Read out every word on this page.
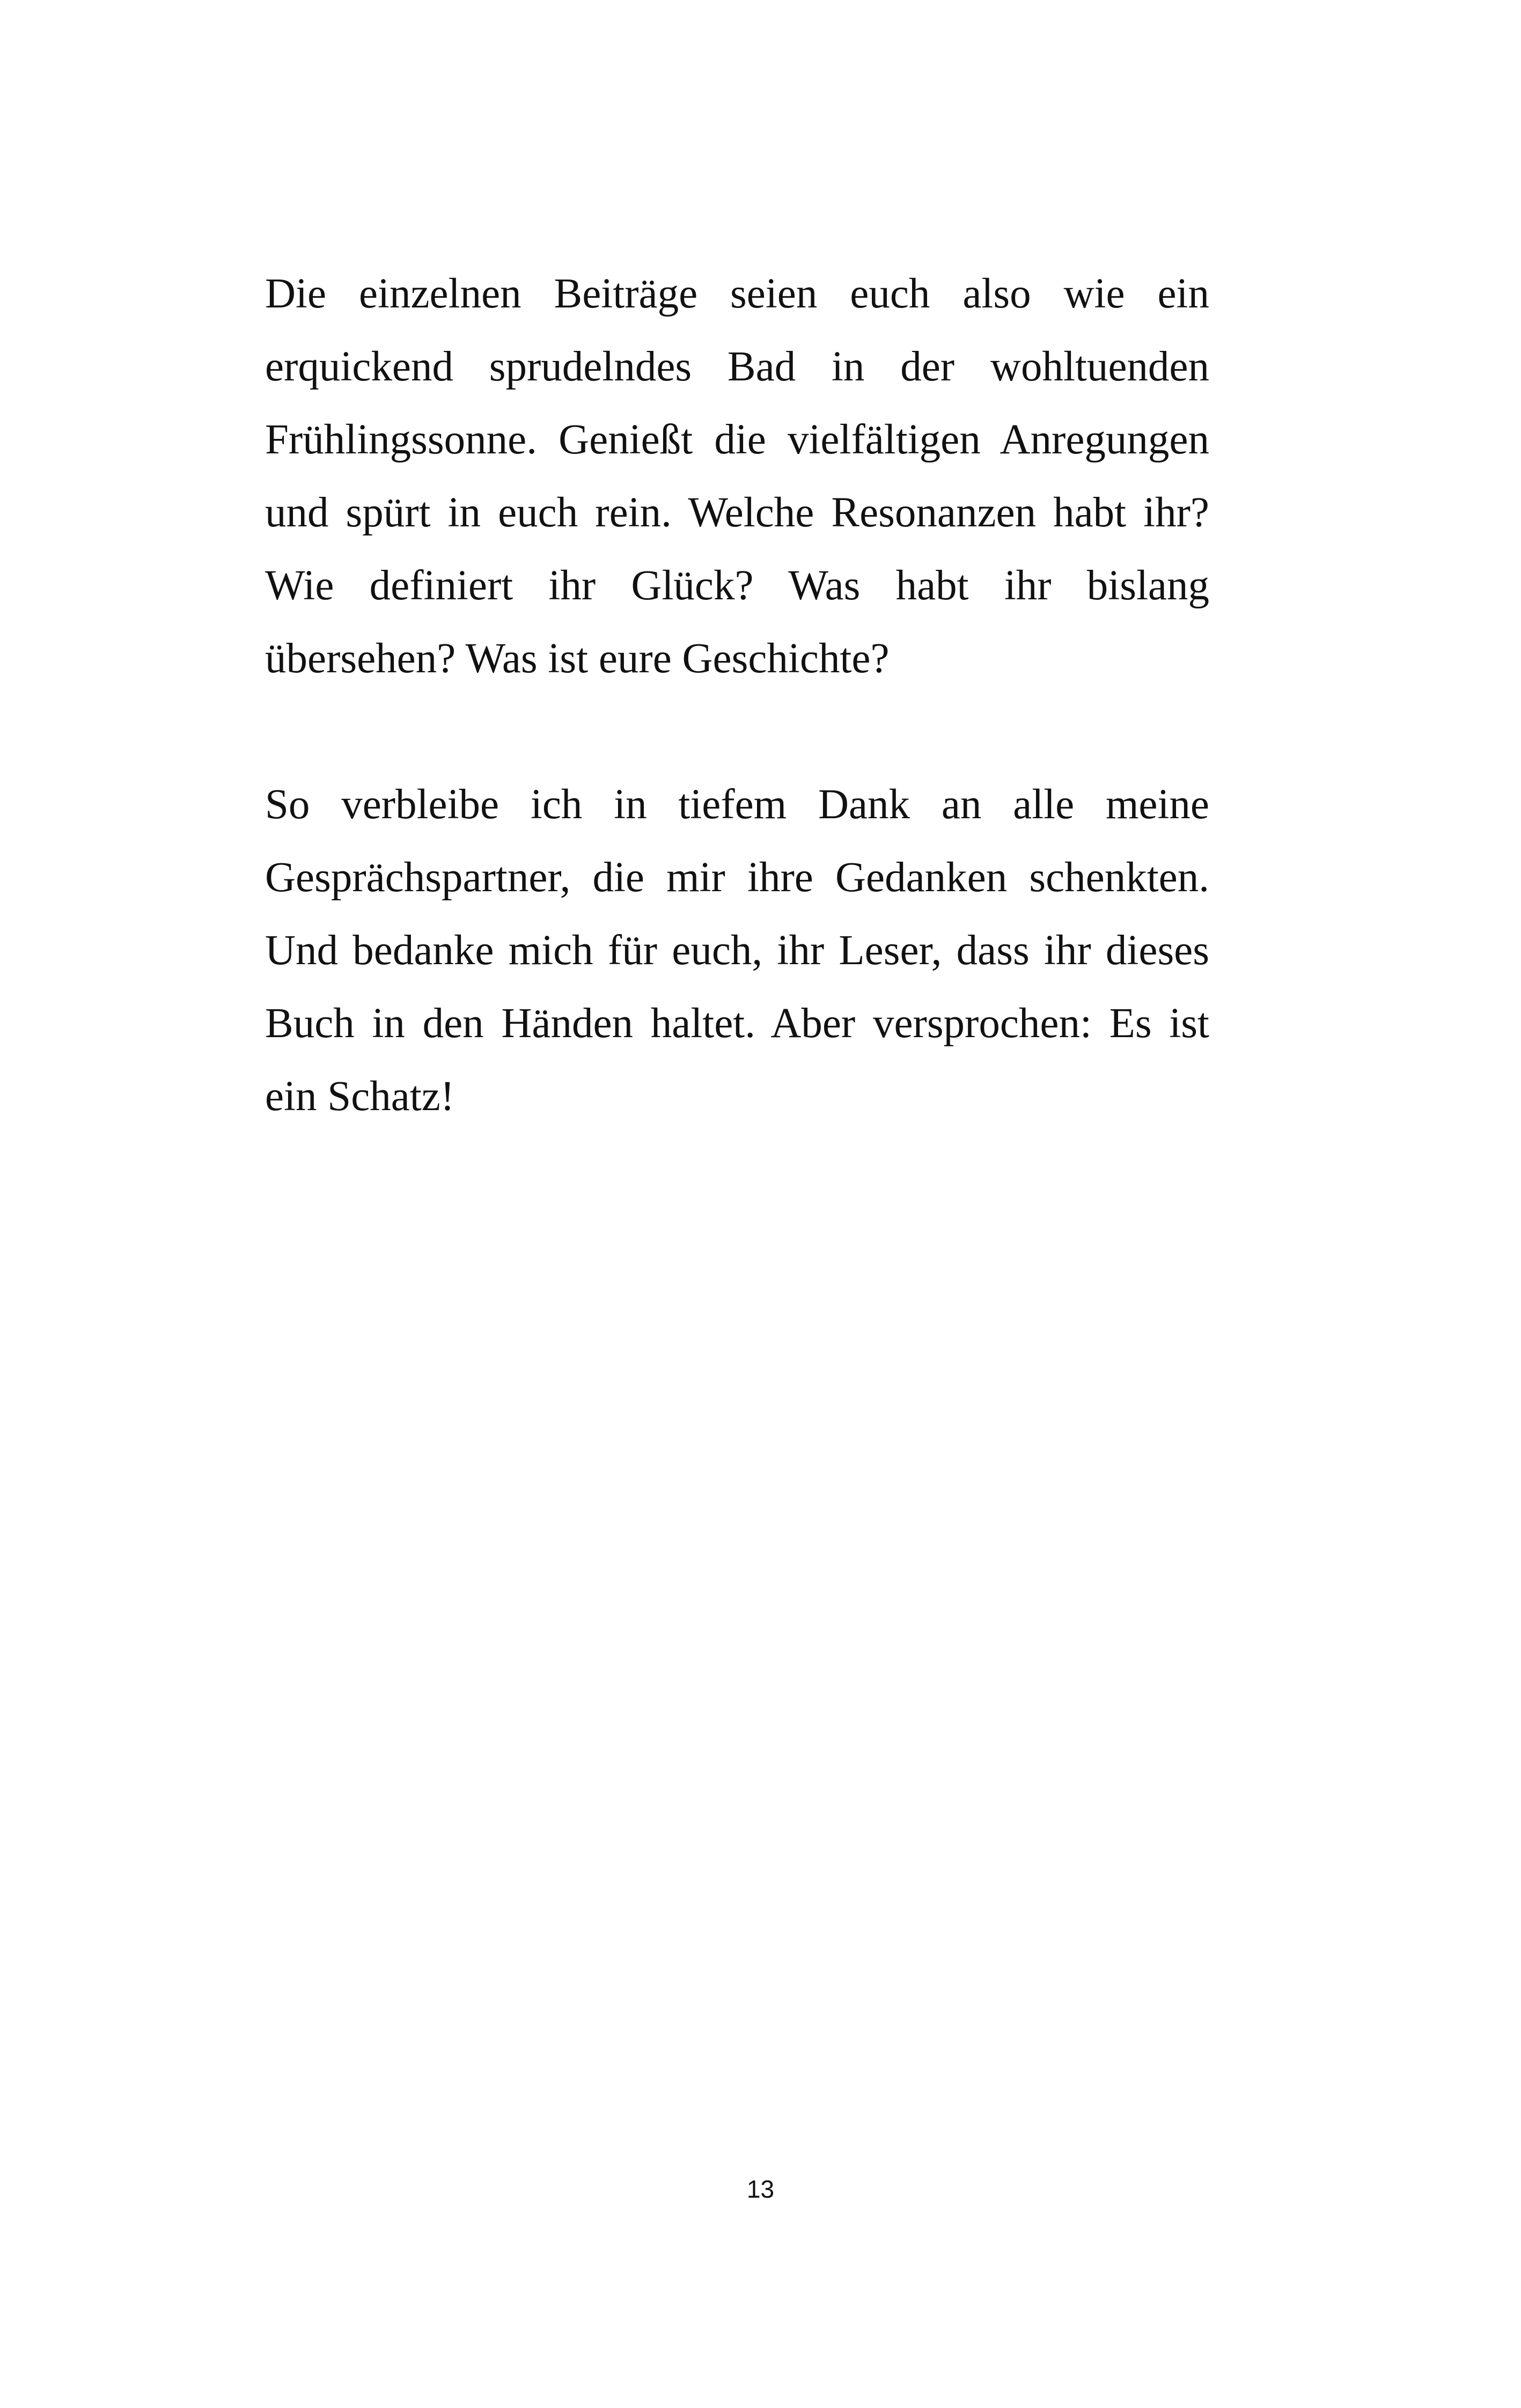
Die einzelnen Beiträge seien euch also wie ein erquickend sprudelndes Bad in der wohltuenden Frühlingssonne. Genießt die vielfältigen Anregungen und spürt in euch rein. Welche Resonanzen habt ihr? Wie definiert ihr Glück? Was habt ihr bislang übersehen? Was ist eure Geschichte?

So verbleibe ich in tiefem Dank an alle meine Gesprächspartner, die mir ihre Gedanken schenkten. Und bedanke mich für euch, ihr Leser, dass ihr dieses Buch in den Händen haltet. Aber versprochen: Es ist ein Schatz!

13
